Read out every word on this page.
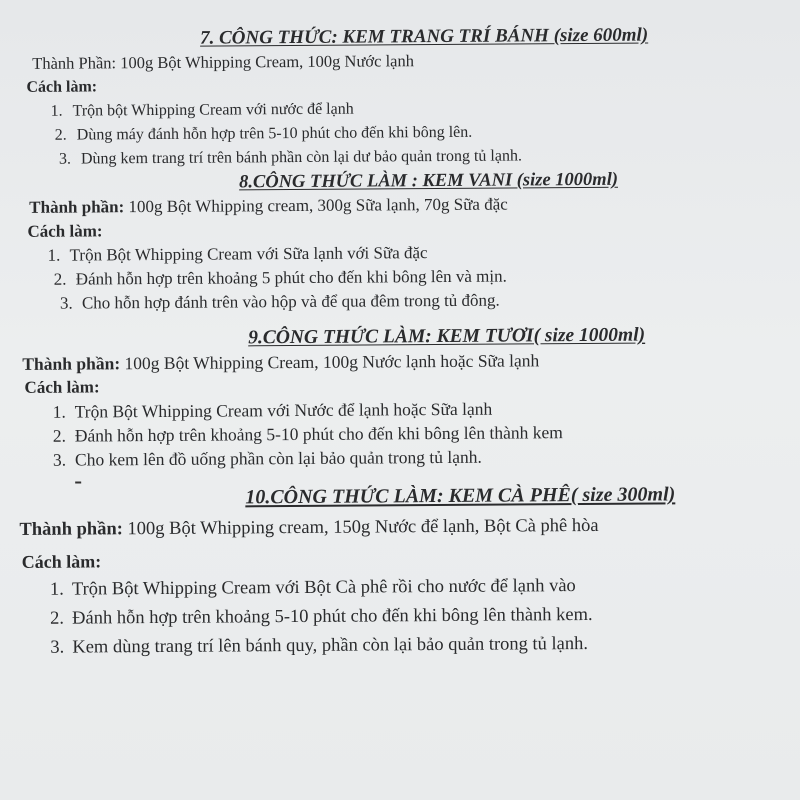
7. CÔNG THỨC: KEM TRANG TRÍ BÁNH (size 600ml)
Thành Phần: 100g Bột Whipping Cream, 100g Nước lạnh
Cách làm:
1. Trộn bột Whipping Cream với nước để lạnh
2. Dùng máy đánh hỗn hợp trên 5-10 phút cho đến khi bông lên.
3. Dùng kem trang trí trên bánh phần còn lại dư bảo quản trong tủ lạnh.
8.CÔNG THỨC LÀM : KEM VANI (size 1000ml)
Thành phần: 100g Bột Whipping cream, 300g Sữa lạnh, 70g Sữa đặc
Cách làm:
1. Trộn Bột Whipping Cream với Sữa lạnh với Sữa đặc
2. Đánh hỗn hợp trên khoảng 5 phút cho đến khi bông lên và mịn.
3. Cho hỗn hợp đánh trên vào hộp và để qua đêm trong tủ đông.
9.CÔNG THỨC LÀM: KEM TƯƠI( size 1000ml)
Thành phần: 100g Bột Whipping Cream, 100g Nước lạnh hoặc Sữa lạnh
Cách làm:
1. Trộn Bột Whipping Cream với Nước để lạnh hoặc Sữa lạnh
2. Đánh hỗn hợp trên khoảng 5-10 phút cho đến khi bông lên thành kem
3. Cho kem lên đồ uống phần còn lại bảo quản trong tủ lạnh.
10.CÔNG THỨC LÀM: KEM CÀ PHÊ( size 300ml)
Thành phần: 100g Bột Whipping cream, 150g Nước để lạnh, Bột Cà phê hòa
Cách làm:
1. Trộn Bột Whipping Cream với Bột Cà phê rồi cho nước để lạnh vào
2. Đánh hỗn hợp trên khoảng 5-10 phút cho đến khi bông lên thành kem.
3. Kem dùng trang trí lên bánh quy, phần còn lại bảo quản trong tủ lạnh.
